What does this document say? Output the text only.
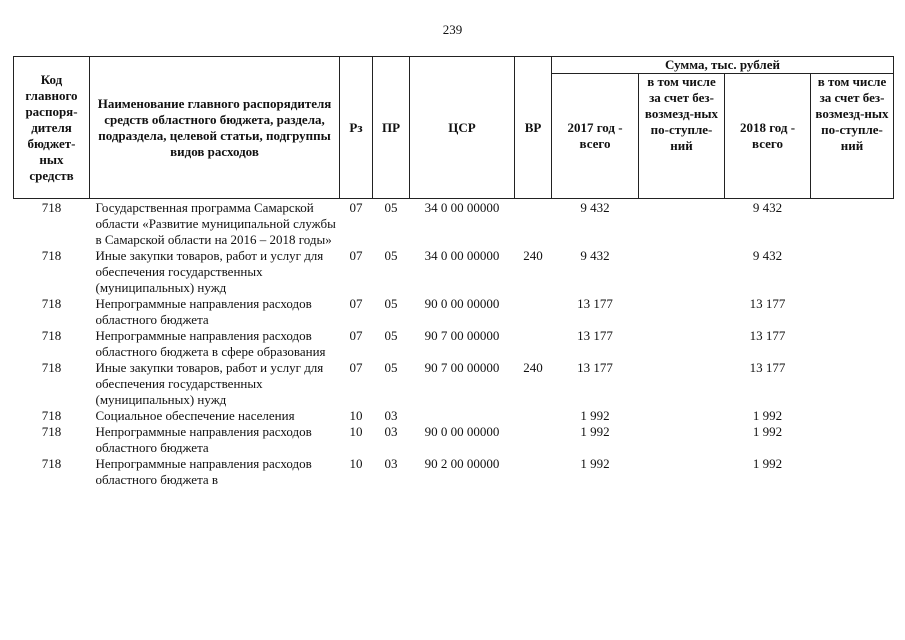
239
Код главного распоря-дителя бюджет-ных средств	Наименование главного распорядителя средств областного бюджета, раздела, подраздела, целевой статьи, подгруппы видов расходов	Рз	ПР	ЦСР	ВР	Сумма, тыс. рублей			
						2017 год - всего	в том числе за счет без-возмезд-ных по-ступле-ний	2018 год - всего	в том числе за счет без-возмезд-ных по-ступле-ний
718	Государственная программа Самарской области «Развитие муниципальной службы в Самарской области на 2016 – 2018 годы»	07	05	34 0 00 00000		9 432		9 432	
718	Иные закупки товаров, работ и услуг для обеспечения государственных (муниципальных) нужд	07	05	34 0 00 00000	240	9 432		9 432	
718	Непрограммные направления расходов областного бюджета	07	05	90 0 00 00000		13 177		13 177	
718	Непрограммные направления расходов областного бюджета в сфере образования	07	05	90 7 00 00000		13 177		13 177	
718	Иные закупки товаров, работ и услуг для обеспечения государственных (муниципальных) нужд	07	05	90 7 00 00000	240	13 177		13 177	
718	Социальное обеспечение населения	10	03			1 992		1 992	
718	Непрограммные направления расходов областного бюджета	10	03	90 0 00 00000		1 992		1 992	
718	Непрограммные направления расходов областного бюджета в	10	03	90 2 00 00000		1 992		1 992	
